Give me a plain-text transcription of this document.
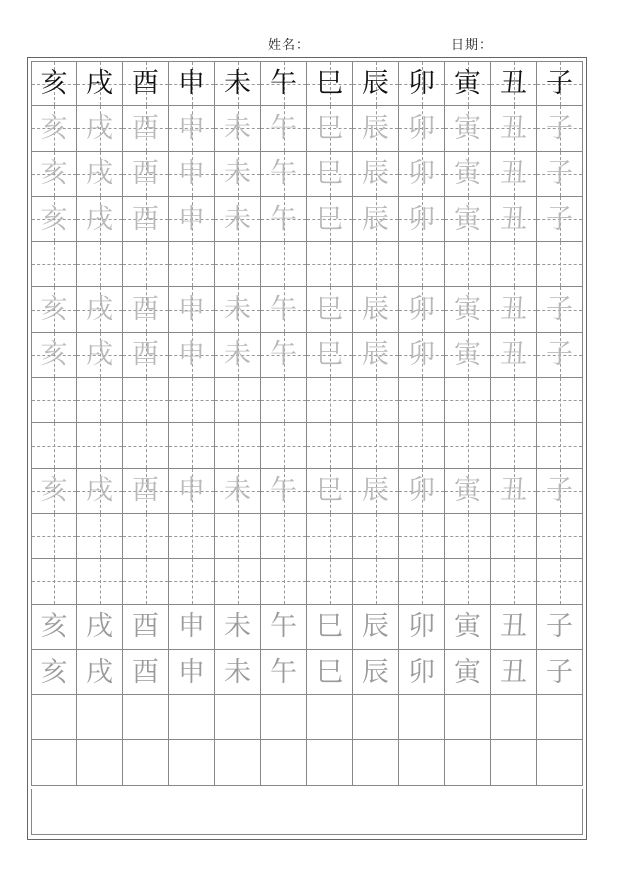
姓名：	日期：
亥 戌 酉 申 未 午 巳 辰 卯 寅 丑 子
亥 戌 酉 申 未 午 巳 辰 卯 寅 丑 子
亥 戌 酉 申 未 午 巳 辰 卯 寅 丑 子
亥 戌 酉 申 未 午 巳 辰 卯 寅 丑 子
亥 戌 酉 申 未 午 巳 辰 卯 寅 丑 子
亥 戌 酉 申 未 午 巳 辰 卯 寅 丑 子
亥 戌 酉 申 未 午 巳 辰 卯 寅 丑 子
亥 戌 酉 申 未 午 巳 辰 卯 寅 丑 子
亥 戌 酉 申 未 午 巳 辰 卯 寅 丑 子
